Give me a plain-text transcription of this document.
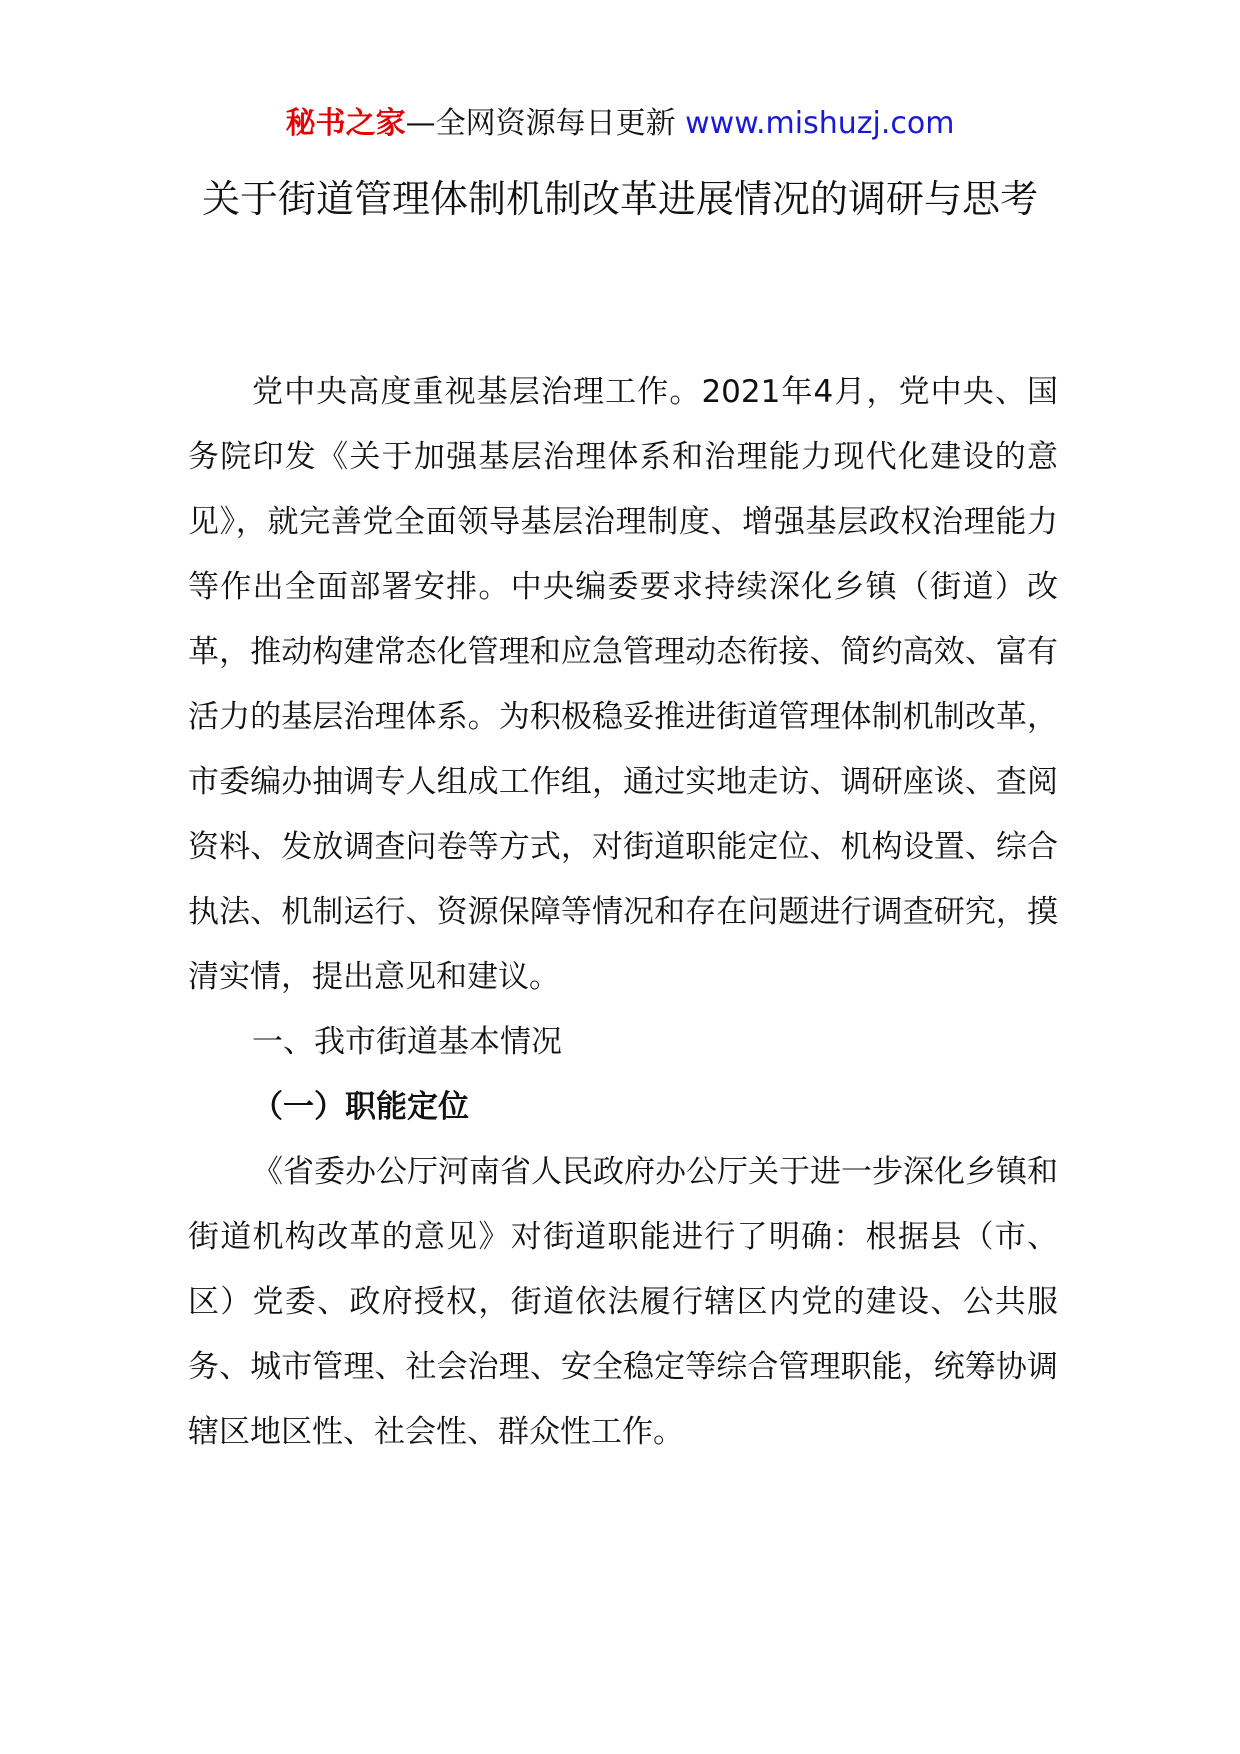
秘书之家—全网资源每日更新 www.mishuzj.com
关于街道管理体制机制改革进展情况的调研与思考

党中央高度重视基层治理工作。2021年4月，党中央、国务院印发《关于加强基层治理体系和治理能力现代化建设的意见》，就完善党全面领导基层治理制度、增强基层政权治理能力等作出全面部署安排。中央编委要求持续深化乡镇（街道）改革，推动构建常态化管理和应急管理动态衔接、简约高效、富有活力的基层治理体系。为积极稳妥推进街道管理体制机制改革，市委编办抽调专人组成工作组，通过实地走访、调研座谈、查阅资料、发放调查问卷等方式，对街道职能定位、机构设置、综合执法、机制运行、资源保障等情况和存在问题进行调查研究，摸清实情，提出意见和建议。

一、我市街道基本情况

（一）职能定位

《省委办公厅河南省人民政府办公厅关于进一步深化乡镇和街道机构改革的意见》对街道职能进行了明确：根据县（市、区）党委、政府授权，街道依法履行辖区内党的建设、公共服务、城市管理、社会治理、安全稳定等综合管理职能，统筹协调辖区地区性、社会性、群众性工作。
